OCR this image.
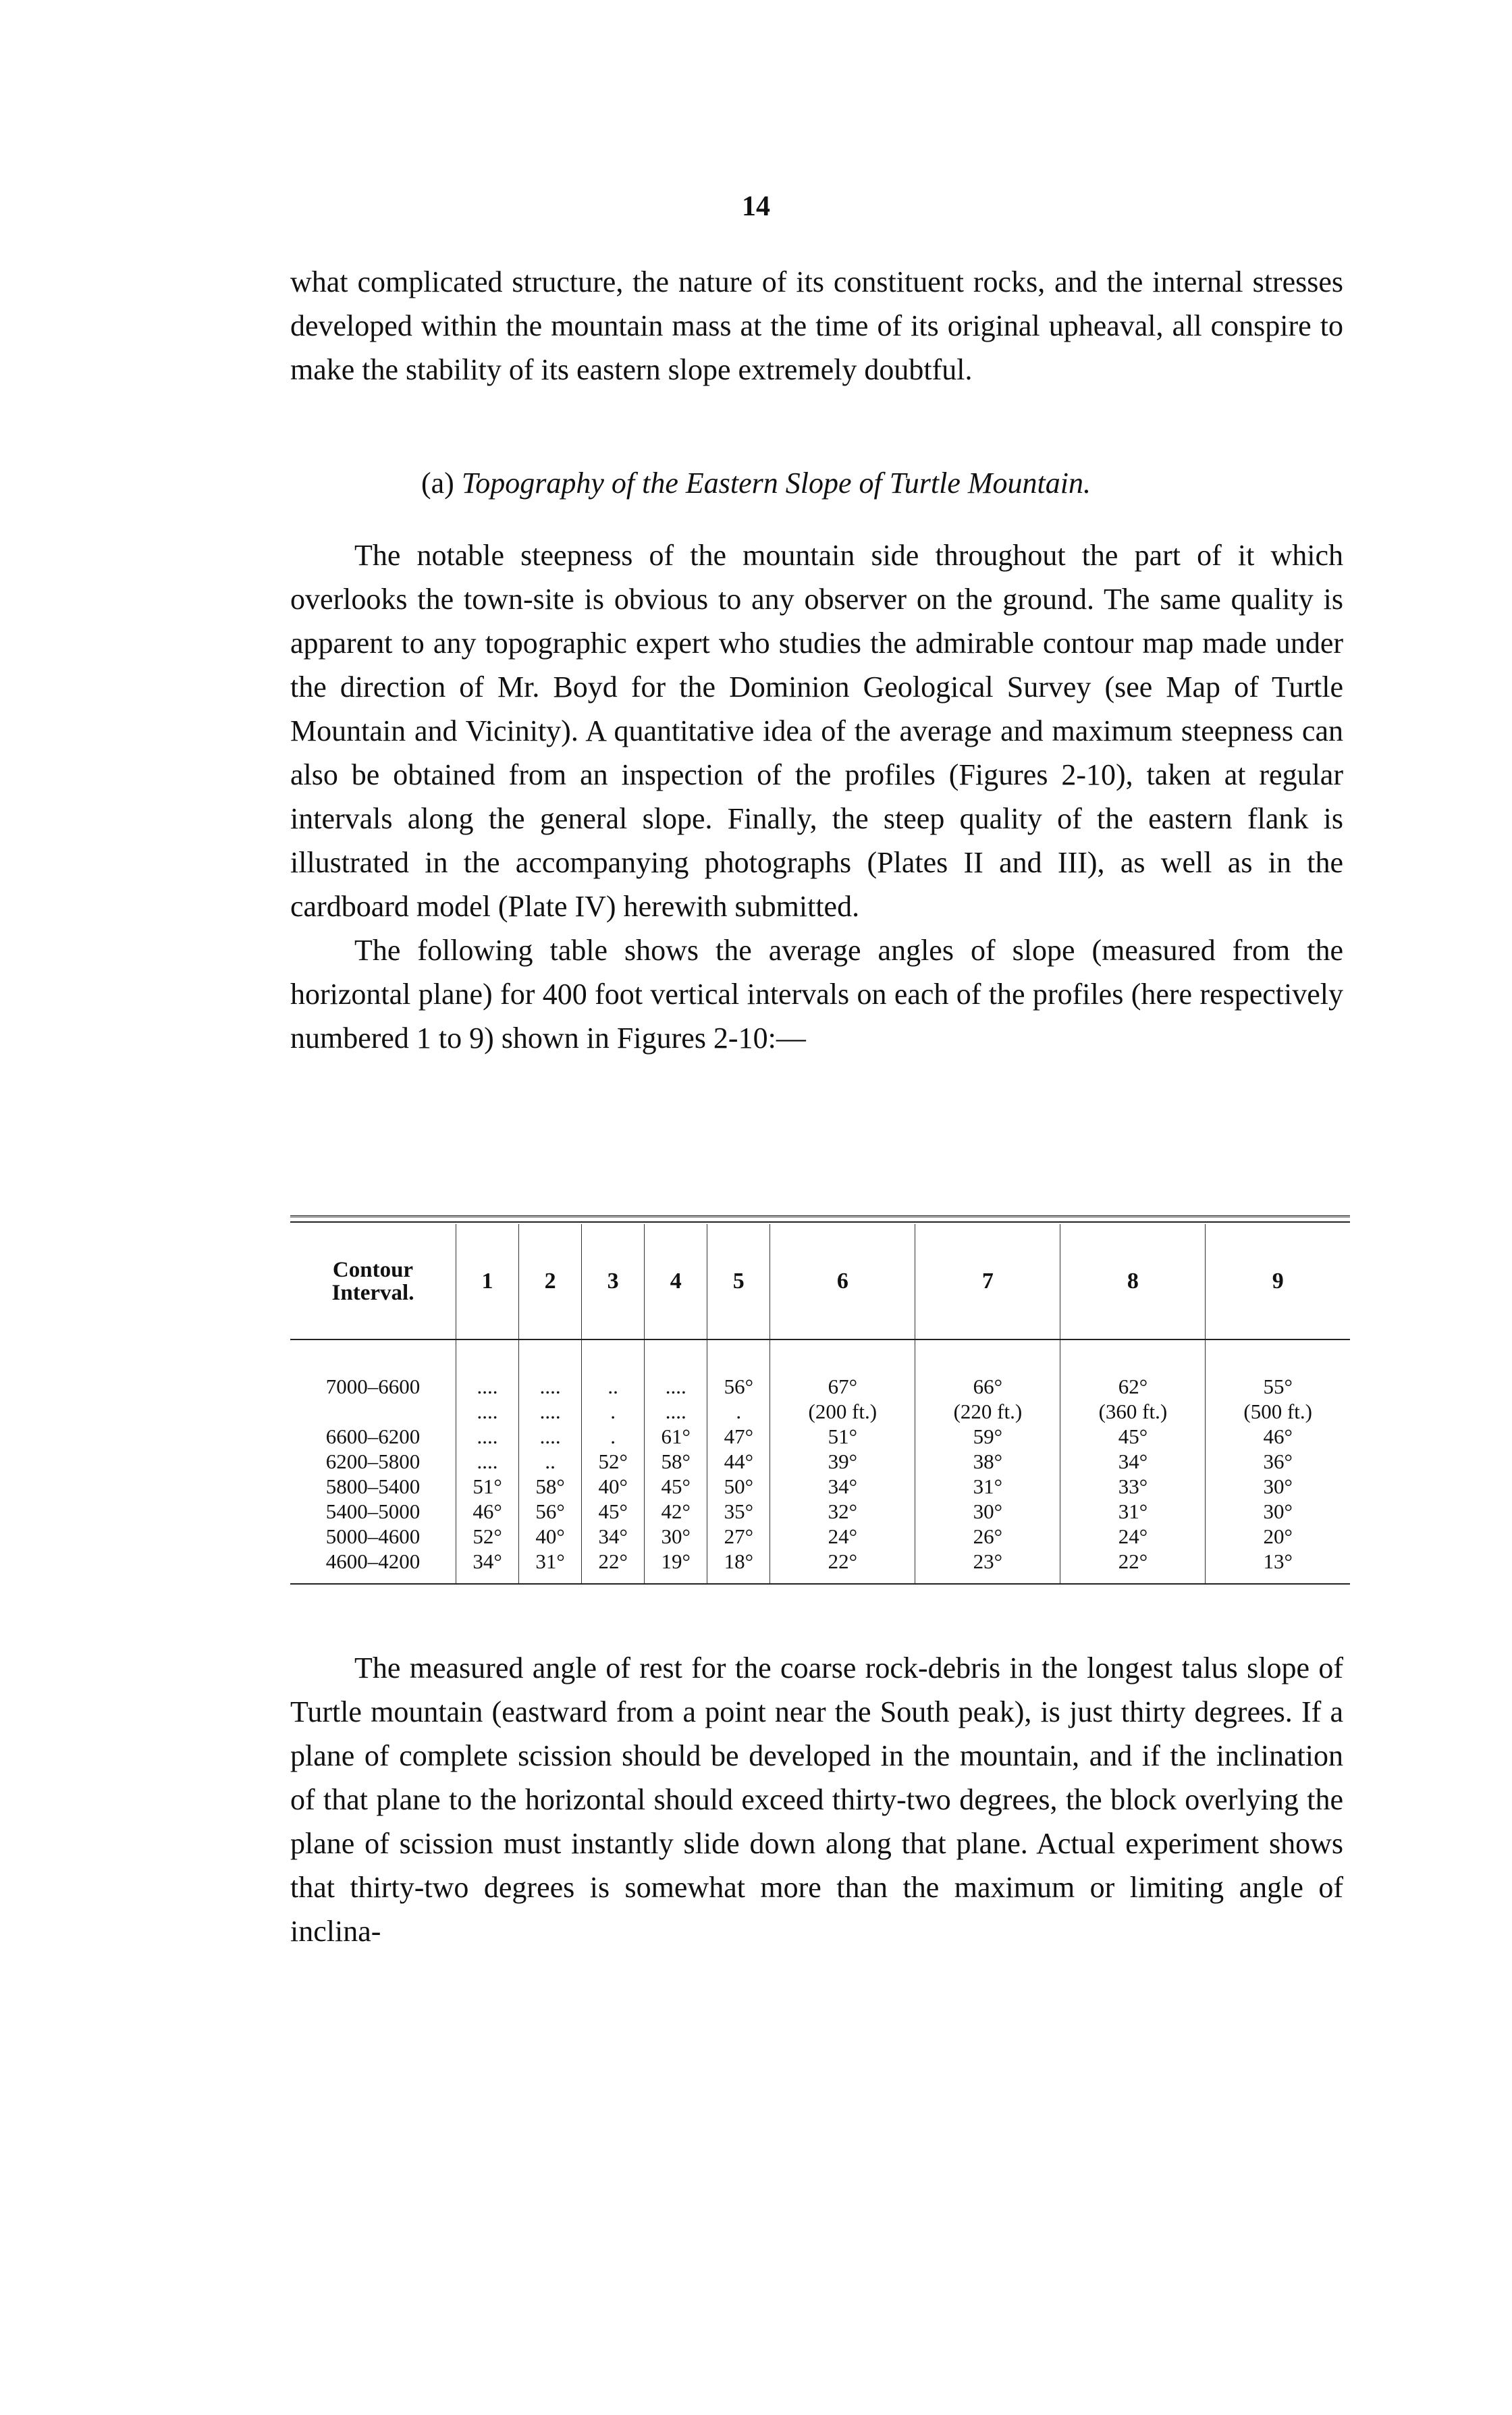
14

what complicated structure, the nature of its constituent rocks, and the internal stresses developed within the mountain mass at the time of its original upheaval, all conspire to make the stability of its eastern slope extremely doubtful.

(a) Topography of the Eastern Slope of Turtle Mountain.

The notable steepness of the mountain side throughout the part of it which overlooks the town-site is obvious to any observer on the ground. The same quality is apparent to any topographic expert who studies the admirable contour map made under the direction of Mr. Boyd for the Dominion Geological Survey (see Map of Turtle Mountain and Vicinity). A quantitative idea of the average and maximum steepness can also be obtained from an inspection of the profiles (Figures 2-10), taken at regular intervals along the general slope. Finally, the steep quality of the eastern flank is illustrated in the accompanying photographs (Plates II and III), as well as in the cardboard model (Plate IV) herewith submitted.

The following table shows the average angles of slope (measured from the horizontal plane) for 400 foot vertical intervals on each of the profiles (here respectively numbered 1 to 9) shown in Figures 2-10:—

Contour
Interval.	1	2	3	4	5	6	7	8	9

7000–6600	....	....	..	....	56°	67°	66°	62°	55°
	....	....	.	....	.	(200 ft.)	(220 ft.)	(360 ft.)	(500 ft.)
6600–6200	....	....	.	61°	47°	51°	59°	45°	46°
6200–5800	....	..	52°	58°	44°	39°	38°	34°	36°
5800–5400	51°	58°	40°	45°	50°	34°	31°	33°	30°
5400–5000	46°	56°	45°	42°	35°	32°	30°	31°	30°
5000–4600	52°	40°	34°	30°	27°	24°	26°	24°	20°
4600–4200	34°	31°	22°	19°	18°	22°	23°	22°	13°

The measured angle of rest for the coarse rock-debris in the longest talus slope of Turtle mountain (eastward from a point near the South peak), is just thirty degrees. If a plane of complete scission should be developed in the mountain, and if the inclination of that plane to the horizontal should exceed thirty-two degrees, the block overlying the plane of scission must instantly slide down along that plane. Actual experiment shows that thirty-two degrees is somewhat more than the maximum or limiting angle of inclina-
